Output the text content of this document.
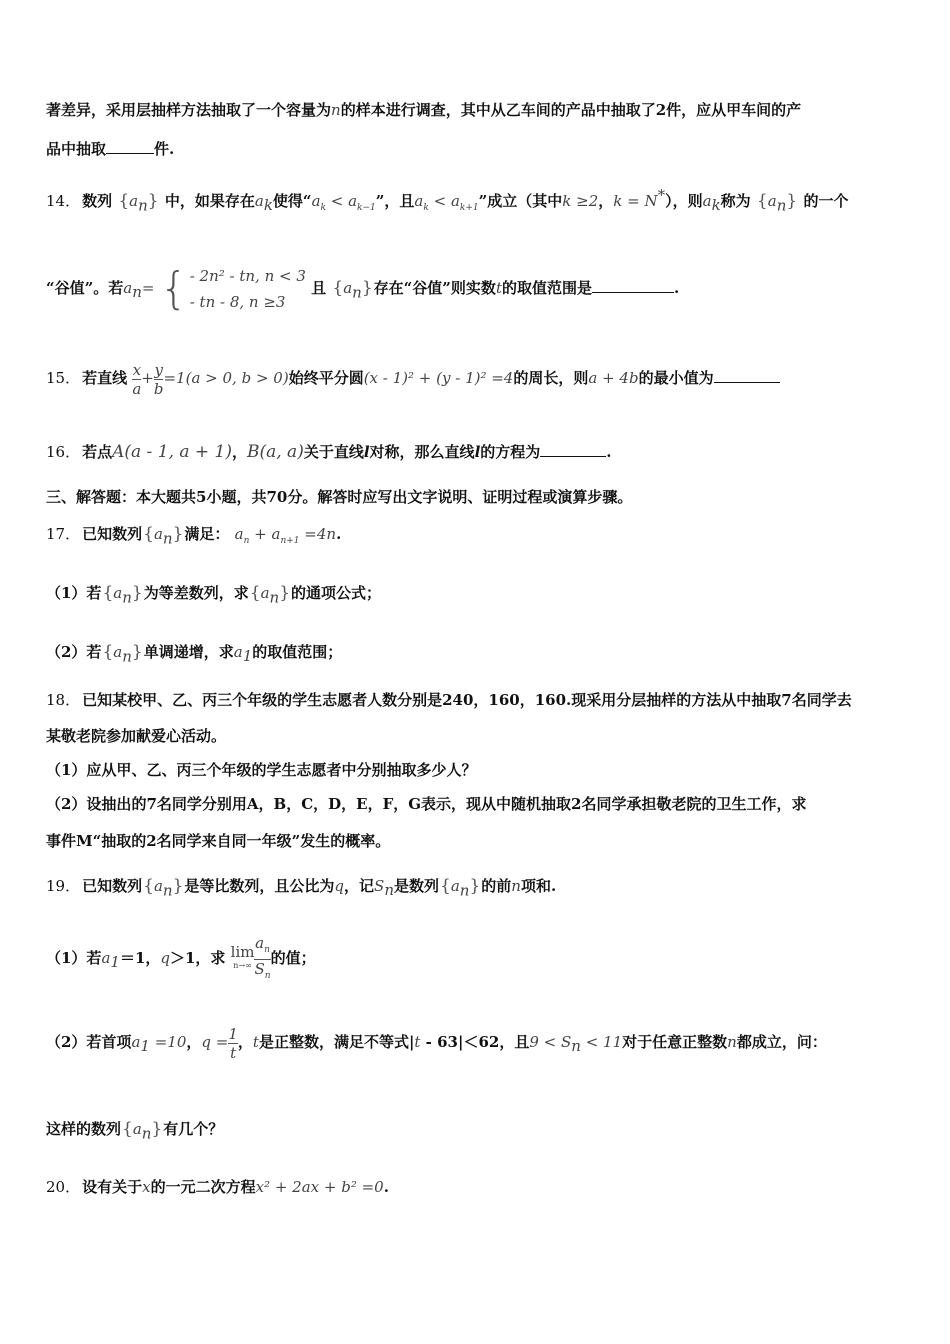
著差异，采用层抽样方法抽取了一个容量为n的样本进行调查，其中从乙车间的产品中抽取了2件，应从甲车间的产
品中抽取	件.
14． 数列 $\{a_n\}$ 中，如果存在$a_k$使得“$a_k < a_{k-1}$”，且$a_k < a_{k+1}$”成立（其中k ≥2，k = N*），则$a_k$称为 $\{a_n\}$ 的一个
“谷值”。若$a_n=$ { - 2n² - tn, n < 3
- tn - 8, n ≥3
且 $\{a_n\}$存在“谷值”则实数t的取值范围是	.
15． 若直线 $\frac{x}{a} + \frac{y}{b} =1(a > 0$, b > 0)始终平分圆(x - 1)² + (y - 1)² =4的周长，则a + 4b的最小值为
16． 若点A(a - 1, a + 1)，B(a, a)关于直线l对称，那么直线l的方程为	.
三、解答题：本大题共5小题，共70分。解答时应写出文字说明、证明过程或演算步骤。
17． 已知数列$\{a_n\}$满足： $a_n + a_{n+1} =4n$.
（1）若$\{a_n\}$为等差数列，求$\{a_n\}$的通项公式；
（2）若$\{a_n\}$单调递增，求$a_1$的取值范围；
18． 已知某校甲、乙、丙三个年级的学生志愿者人数分别是240，160，160.现采用分层抽样的方法从中抽取7名同学去
某敬老院参加献爱心活动。
（1）应从甲、乙、丙三个年级的学生志愿者中分别抽取多少人？
（2）设抽出的7名同学分别用A，B，C，D，E，F，G表示，现从中随机抽取2名同学承担敬老院的卫生工作，求
事件M“抽取的2名同学来自同一年级”发生的概率。
19． 已知数列$\{a_n\}$是等比数列，且公比为q，记$S_n$是数列$\{a_n\}$的前n项和.
（1）若$a_1=1$，q＞1，求 lim
$n\to\infty \frac{a_n}{S_n}$ 的值；
（2）若首项$a_1 =10$，$q = \frac{1}{t}$ ，t是正整数，满足不等式|t - 63|＜62，且$9 < S_n < 11$对于任意正整数n都成立，问：
这样的数列$\{a_n\}$有几个？
20． 设有关于x的一元二次方程x² + 2ax + b² =0.
